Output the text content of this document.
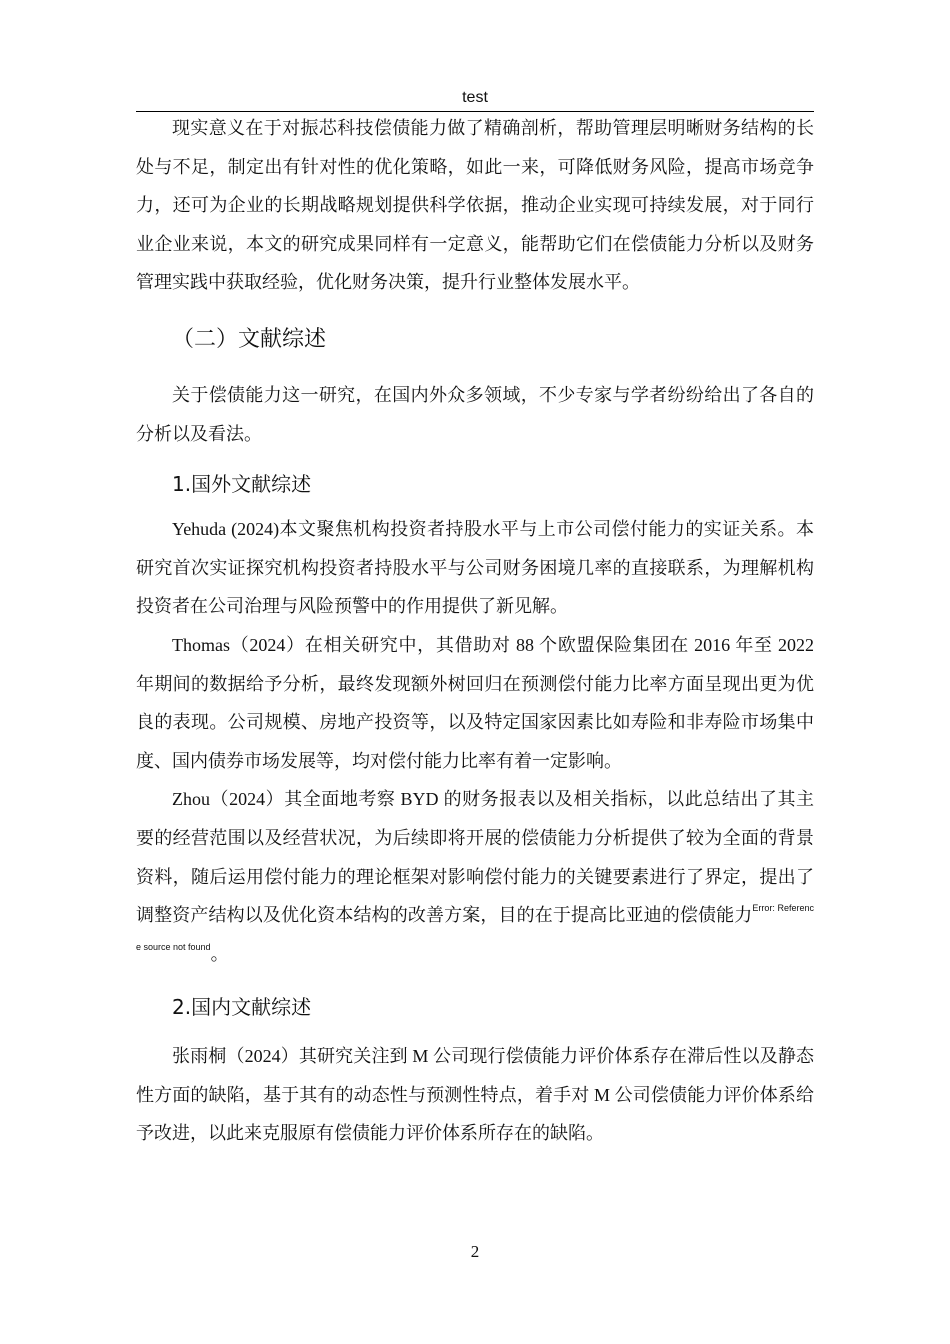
test

现实意义在于对振芯科技偿债能力做了精确剖析，帮助管理层明晰财务结构的长处与不足，制定出有针对性的优化策略，如此一来，可降低财务风险，提高市场竞争力，还可为企业的长期战略规划提供科学依据，推动企业实现可持续发展，对于同行业企业来说，本文的研究成果同样有一定意义，能帮助它们在偿债能力分析以及财务管理实践中获取经验，优化财务决策，提升行业整体发展水平。

（二）文献综述

关于偿债能力这一研究，在国内外众多领域，不少专家与学者纷纷给出了各自的分析以及看法。

1.国外文献综述

Yehuda (2024)本文聚焦机构投资者持股水平与上市公司偿付能力的实证关系。本研究首次实证探究机构投资者持股水平与公司财务困境几率的直接联系，为理解机构投资者在公司治理与风险预警中的作用提供了新见解。

Thomas（2024）在相关研究中，其借助对 88 个欧盟保险集团在 2016 年至 2022 年期间的数据给予分析，最终发现额外树回归在预测偿付能力比率方面呈现出更为优良的表现。公司规模、房地产投资等，以及特定国家因素比如寿险和非寿险市场集中度、国内债券市场发展等，均对偿付能力比率有着一定影响。

Zhou（2024）其全面地考察 BYD 的财务报表以及相关指标，以此总结出了其主要的经营范围以及经营状况，为后续即将开展的偿债能力分析提供了较为全面的背景资料，随后运用偿付能力的理论框架对影响偿付能力的关键要素进行了界定，提出了调整资产结构以及优化资本结构的改善方案，目的在于提高比亚迪的偿债能力$^{Error: Reference source not found}$。

2.国内文献综述

张雨桐（2024）其研究关注到 M 公司现行偿债能力评价体系存在滞后性以及静态性方面的缺陷，基于其有的动态性与预测性特点，着手对 M 公司偿债能力评价体系给予改进，以此来克服原有偿债能力评价体系所存在的缺陷。

2
